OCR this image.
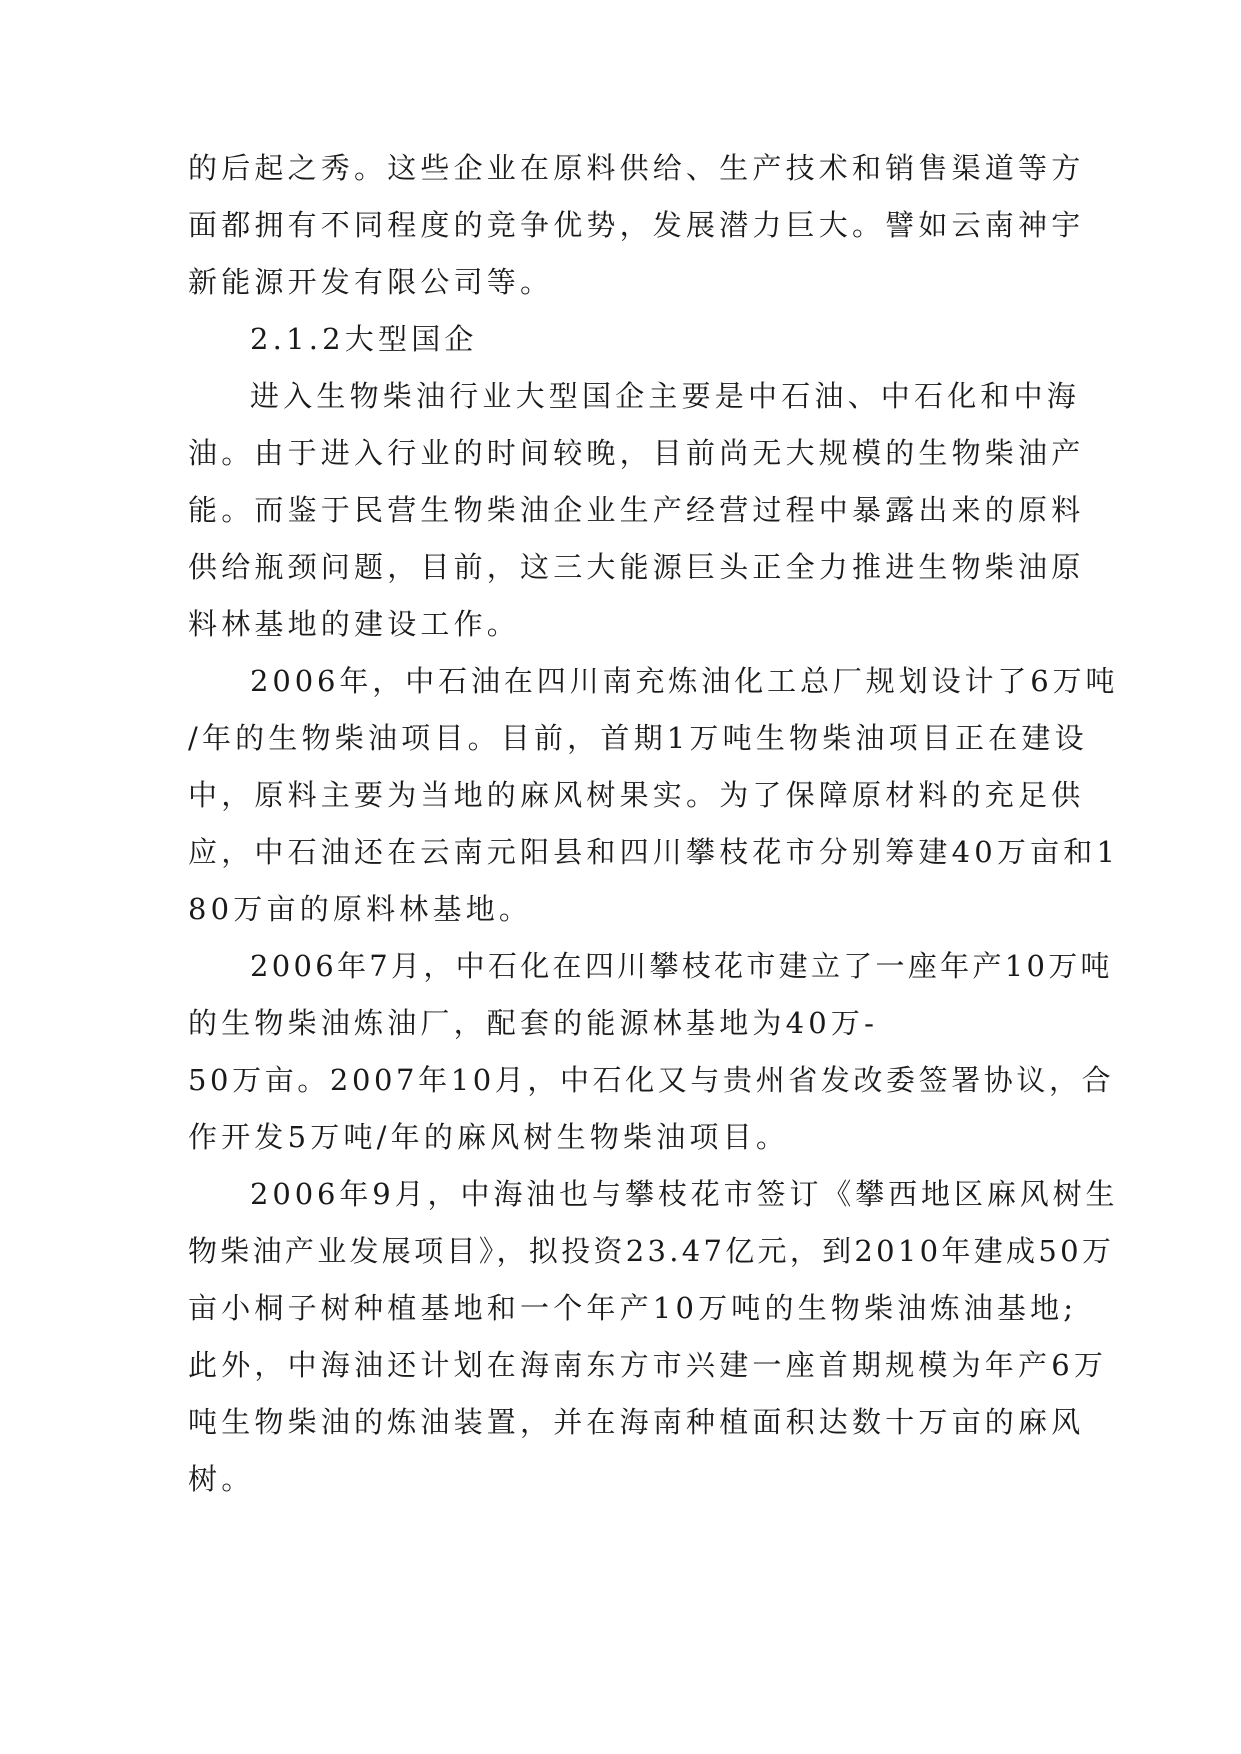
的后起之秀。这些企业在原料供给、生产技术和销售渠道等方
面都拥有不同程度的竞争优势，发展潜力巨大。譬如云南神宇
新能源开发有限公司等。
2.1.2大型国企
进入生物柴油行业大型国企主要是中石油、中石化和中海
油。由于进入行业的时间较晚，目前尚无大规模的生物柴油产
能。而鉴于民营生物柴油企业生产经营过程中暴露出来的原料
供给瓶颈问题，目前，这三大能源巨头正全力推进生物柴油原
料林基地的建设工作。
2006年，中石油在四川南充炼油化工总厂规划设计了6万吨
/年的生物柴油项目。目前，首期1万吨生物柴油项目正在建设
中，原料主要为当地的麻风树果实。为了保障原材料的充足供
应，中石油还在云南元阳县和四川攀枝花市分别筹建40万亩和1
80万亩的原料林基地。
2006年7月，中石化在四川攀枝花市建立了一座年产10万吨
的生物柴油炼油厂，配套的能源林基地为40万-
50万亩。2007年10月，中石化又与贵州省发改委签署协议，合
作开发5万吨/年的麻风树生物柴油项目。
2006年9月，中海油也与攀枝花市签订《攀西地区麻风树生
物柴油产业发展项目》，拟投资23.47亿元，到2010年建成50万
亩小桐子树种植基地和一个年产10万吨的生物柴油炼油基地;
此外，中海油还计划在海南东方市兴建一座首期规模为年产6万
吨生物柴油的炼油装置，并在海南种植面积达数十万亩的麻风
树。
